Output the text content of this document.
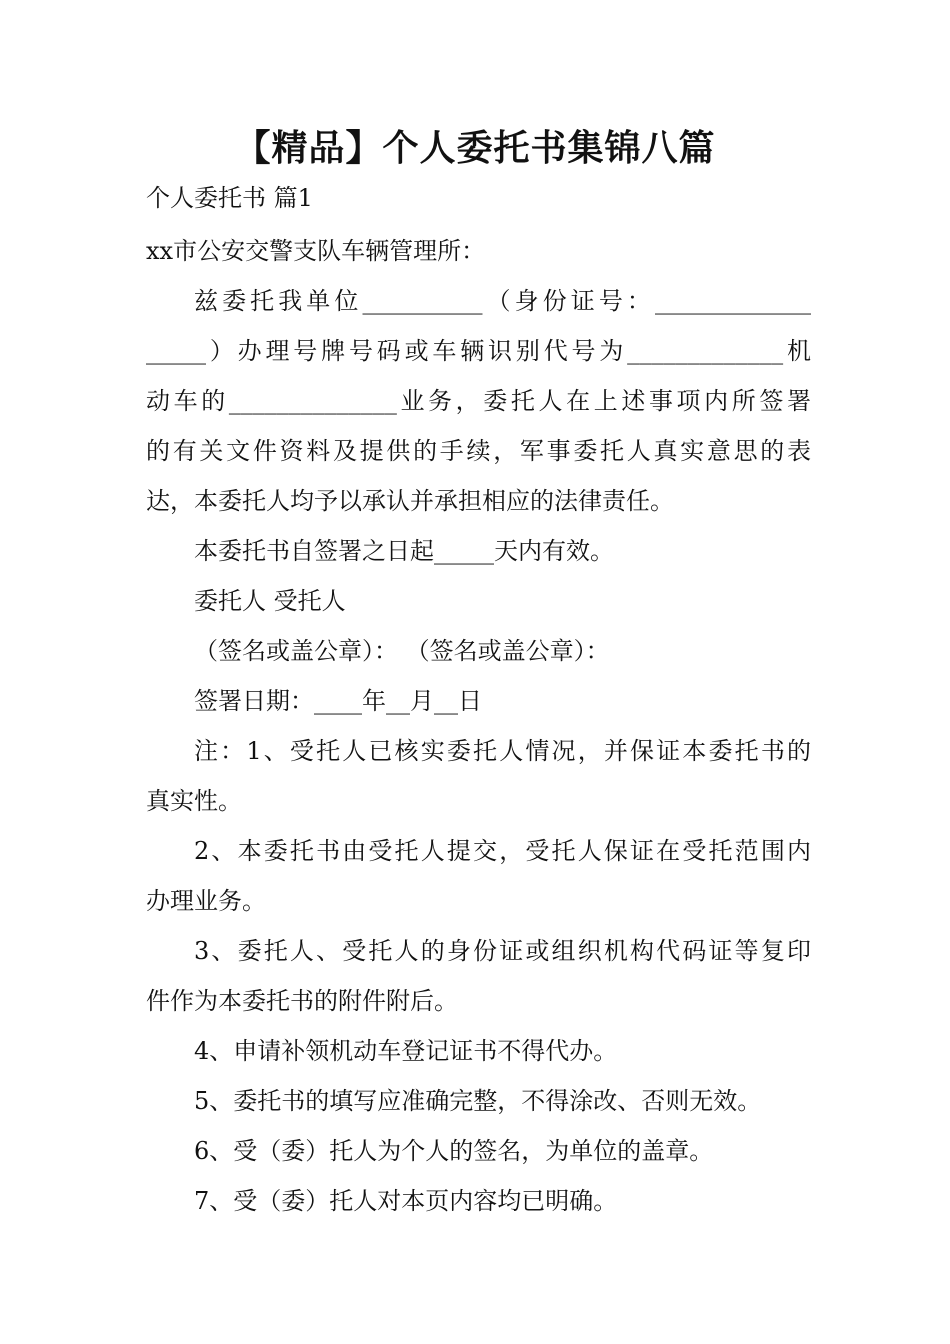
【精品】个人委托书集锦八篇
个人委托书 篇1
xx市公安交警支队车辆管理所：
兹委托我单位__________（身份证号：_____________
_____）办理号牌号码或车辆识别代号为_____________机
动车的______________业务，委托人在上述事项内所签署
的有关文件资料及提供的手续，军事委托人真实意思的表
达，本委托人均予以承认并承担相应的法律责任。
本委托书自签署之日起_____天内有效。
委托人 受托人
（签名或盖公章）： （签名或盖公章）：
签署日期：____年__月__日
注：1、受托人已核实委托人情况，并保证本委托书的
真实性。
2、本委托书由受托人提交，受托人保证在受托范围内
办理业务。
3、委托人、受托人的身份证或组织机构代码证等复印
件作为本委托书的附件附后。
4、申请补领机动车登记证书不得代办。
5、委托书的填写应准确完整，不得涂改、否则无效。
6、受（委）托人为个人的签名，为单位的盖章。
7、受（委）托人对本页内容均已明确。
